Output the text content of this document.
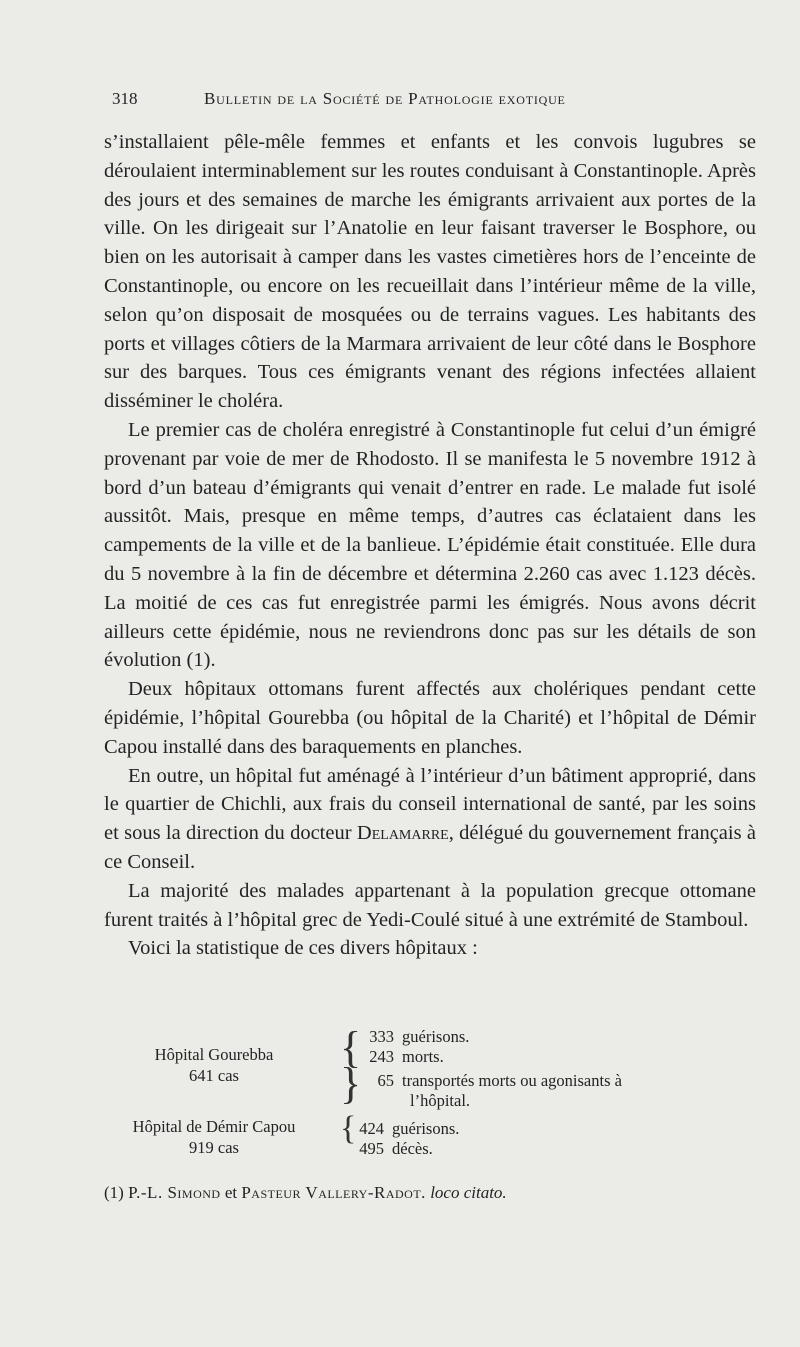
318	Bulletin de la Société de Pathologie exotique

s’installaient pêle-mêle femmes et enfants et les convois lugubres se déroulaient interminablement sur les routes conduisant à Constantinople. Après des jours et des semaines de marche les émigrants arrivaient aux portes de la ville. On les dirigeait sur l’Anatolie en leur faisant traverser le Bosphore, ou bien on les autorisait à camper dans les vastes cimetières hors de l’enceinte de Constantinople, ou encore on les recueillait dans l’intérieur même de la ville, selon qu’on disposait de mosquées ou de terrains vagues. Les habitants des ports et villages côtiers de la Marmara arrivaient de leur côté dans le Bosphore sur des barques. Tous ces émigrants venant des régions infectées allaient disséminer le choléra.

Le premier cas de choléra enregistré à Constantinople fut celui d’un émigré provenant par voie de mer de Rhodosto. Il se manifesta le 5 novembre 1912 à bord d’un bateau d’émigrants qui venait d’entrer en rade. Le malade fut isolé aussitôt. Mais, presque en même temps, d’autres cas éclataient dans les campements de la ville et de la banlieue. L’épidémie était constituée. Elle dura du 5 novembre à la fin de décembre et détermina 2.260 cas avec 1.123 décès. La moitié de ces cas fut enregistrée parmi les émigrés. Nous avons décrit ailleurs cette épidémie, nous ne reviendrons donc pas sur les détails de son évolution (1).

Deux hôpitaux ottomans furent affectés aux cholériques pendant cette épidémie, l’hôpital Gourebba (ou hôpital de la Charité) et l’hôpital de Démir Capou installé dans des baraquements en planches.

En outre, un hôpital fut aménagé à l’intérieur d’un bâtiment approprié, dans le quartier de Chichli, aux frais du conseil international de santé, par les soins et sous la direction du docteur Delamarre, délégué du gouvernement français à ce Conseil.

La majorité des malades appartenant à la population grecque ottomane furent traités à l’hôpital grec de Yedi-Coulé situé à une extrémité de Stamboul.

Voici la statistique de ces divers hôpitaux :

Hôpital Gourebba
641 cas
{
}
333 guérisons.
243 morts.
65 transportés morts ou agonisants à
l’hôpital.
Hôpital de Démir Capou
919 cas
{ 424 guérisons.
495 décès.
(1) P.-L. Simond et Pasteur Vallery-Radot. loco citato.
